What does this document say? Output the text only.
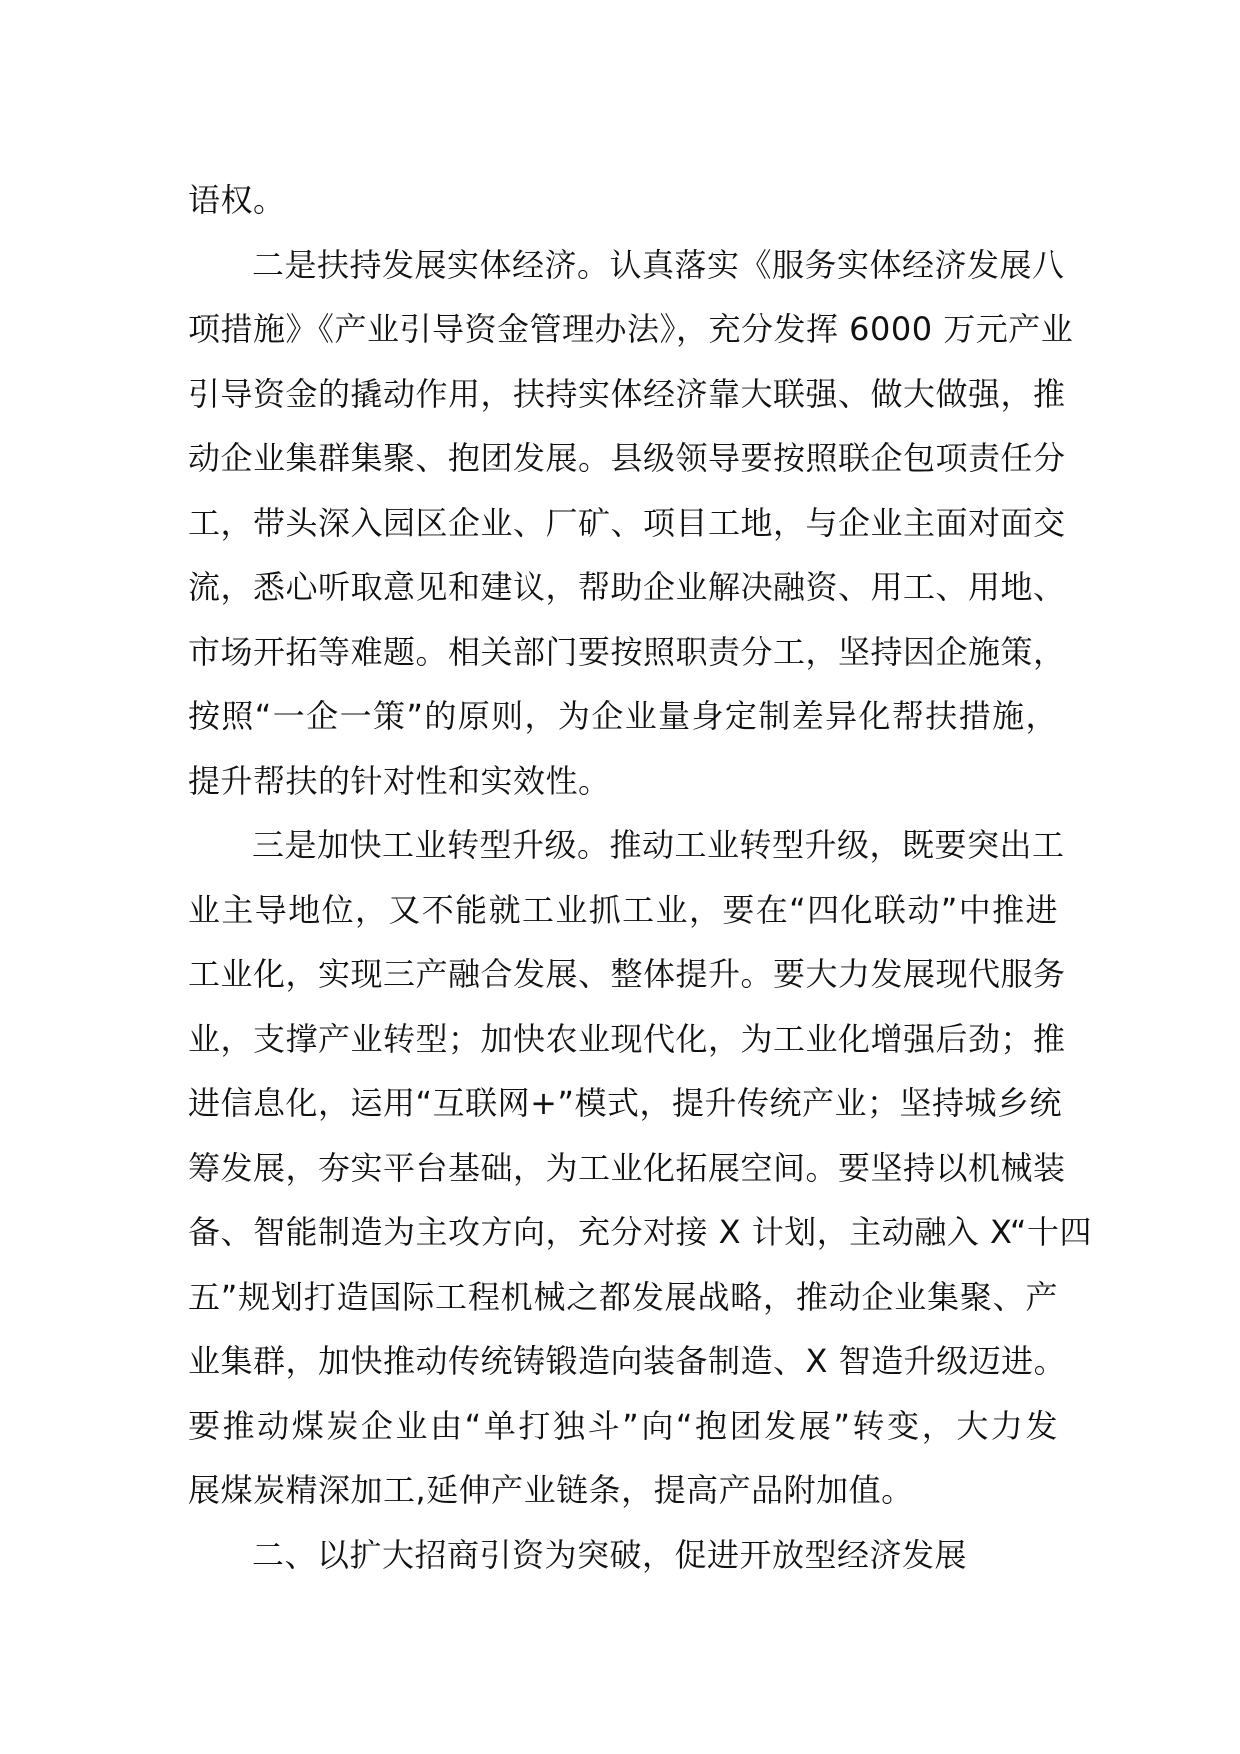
语权。
二是扶持发展实体经济。认真落实《服务实体经济发展八
项措施》《产业引导资金管理办法》，充分发挥 6000 万元产业
引导资金的撬动作用，扶持实体经济靠大联强、做大做强，推
动企业集群集聚、抱团发展。县级领导要按照联企包项责任分
工，带头深入园区企业、厂矿、项目工地，与企业主面对面交
流，悉心听取意见和建议，帮助企业解决融资、用工、用地、
市场开拓等难题。相关部门要按照职责分工，坚持因企施策，
按照“一企一策”的原则，为企业量身定制差异化帮扶措施，
提升帮扶的针对性和实效性。
三是加快工业转型升级。推动工业转型升级，既要突出工
业主导地位，又不能就工业抓工业，要在“四化联动”中推进
工业化，实现三产融合发展、整体提升。要大力发展现代服务
业，支撑产业转型；加快农业现代化，为工业化增强后劲；推
进信息化，运用“互联网+”模式，提升传统产业；坚持城乡统
筹发展，夯实平台基础，为工业化拓展空间。要坚持以机械装
备、智能制造为主攻方向，充分对接 X 计划，主动融入 X“十四
五”规划打造国际工程机械之都发展战略，推动企业集聚、产
业集群，加快推动传统铸锻造向装备制造、X 智造升级迈进。
要推动煤炭企业由“单打独斗”向“抱团发展”转变，大力发
展煤炭精深加工,延伸产业链条，提高产品附加值。
二、以扩大招商引资为突破，促进开放型经济发展
